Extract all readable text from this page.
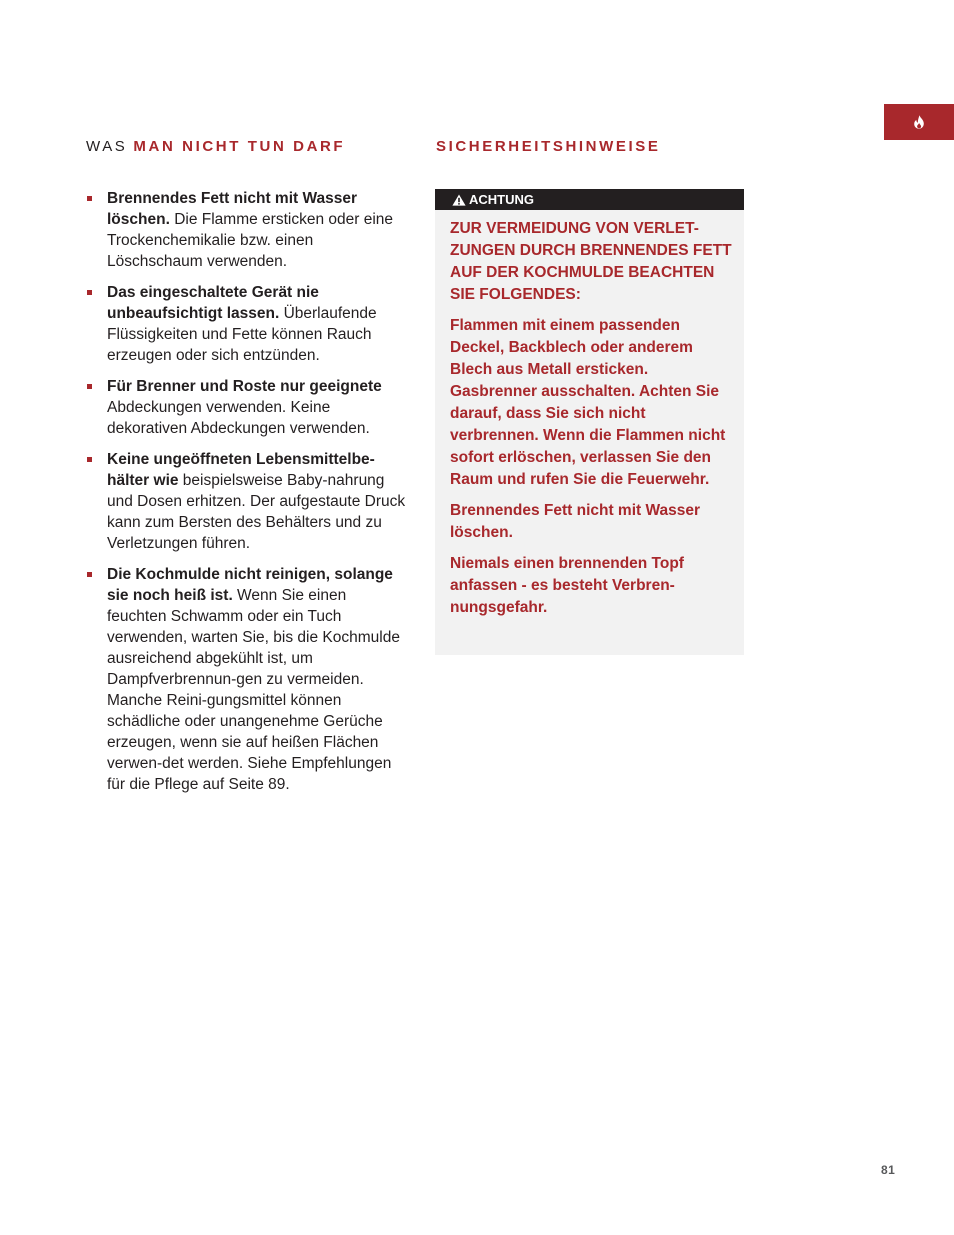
WAS MAN NICHT TUN DARF	SICHERHEITSHINWEISE
Brennendes Fett nicht mit Wasser löschen. Die Flamme ersticken oder eine Trockenchemikalie bzw. einen Löschschaum verwenden.
Das eingeschaltete Gerät nie unbeaufsichtigt lassen. Überlaufende Flüssigkeiten und Fette können Rauch erzeugen oder sich entzünden.
Für Brenner und Roste nur geeignete Abdeckungen verwenden. Keine dekorativen Abdeckungen verwenden.
Keine ungeöffneten Lebensmittelbe-hälter wie beispielsweise Baby-nahrung und Dosen erhitzen. Der aufgestaute Druck kann zum Bersten des Behälters und zu Verletzungen führen.
Die Kochmulde nicht reinigen, solange sie noch heiß ist. Wenn Sie einen feuchten Schwamm oder ein Tuch verwenden, warten Sie, bis die Kochmulde ausreichend abgekühlt ist, um Dampfverbrennun-gen zu vermeiden. Manche Reini-gungsmittel können schädliche oder unangenehme Gerüche erzeugen, wenn sie auf heißen Flächen verwen-det werden. Siehe Empfehlungen für die Pflege auf Seite 89.
ACHTUNG

ZUR VERMEIDUNG VON VERLET-ZUNGEN DURCH BRENNENDES FETT AUF DER KOCHMULDE BEACHTEN SIE FOLGENDES:

Flammen mit einem passenden Deckel, Backblech oder anderem Blech aus Metall ersticken. Gasbrenner ausschalten. Achten Sie darauf, dass Sie sich nicht verbrennen. Wenn die Flammen nicht sofort erlöschen, verlassen Sie den Raum und rufen Sie die Feuerwehr.

Brennendes Fett nicht mit Wasser löschen.

Niemals einen brennenden Topf anfassen - es besteht Verbren-nungsgefahr.

81
